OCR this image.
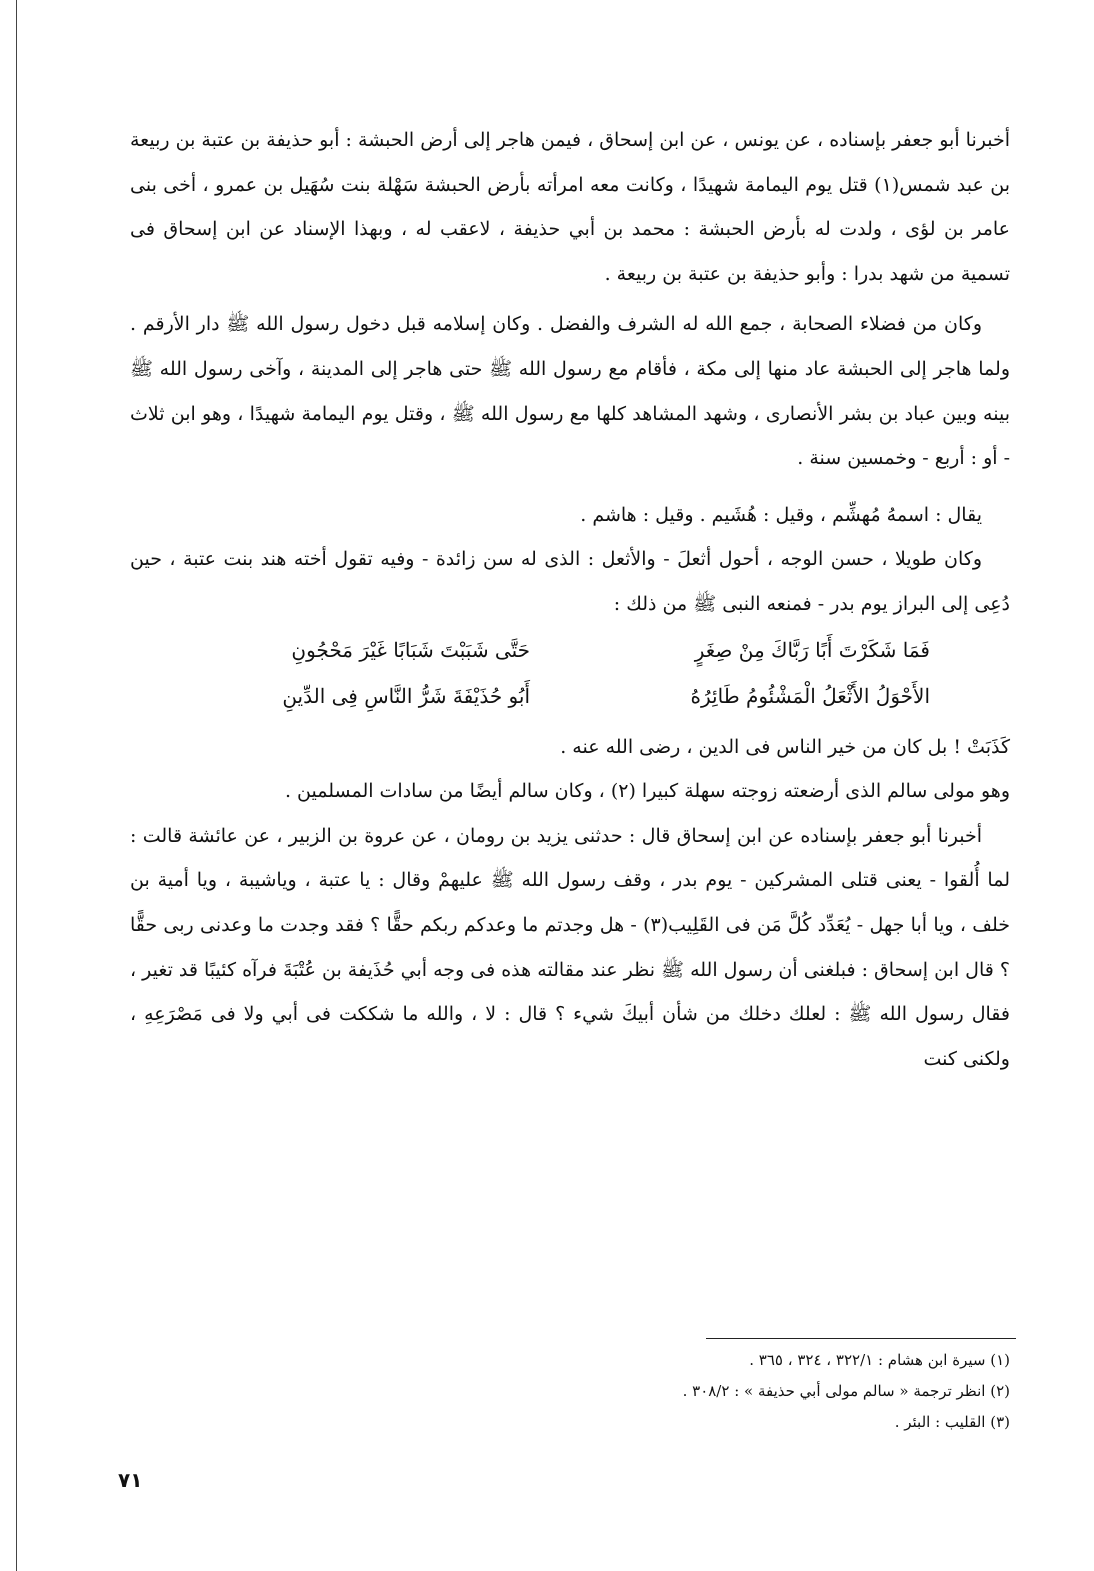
أخبرنا أبو جعفر بإسناده ، عن يونس ، عن ابن إسحاق ، فيمن هاجر إلى أرض الحبشة : أبو حذيفة بن عتبة بن ربيعة بن عبد شمس(١) قتل يوم اليمامة شهيدًا ، وكانت معه امرأته بأرض الحبشة سَهْلة بنت سُهَيل بن عمرو ، أخى بنى عامر بن لؤى ، ولدت له بأرض الحبشة : محمد بن أبي حذيفة ، لاعقب له ، وبهذا الإسناد عن ابن إسحاق فى تسمية من شهد بدرا : وأبو حذيفة بن عتبة بن ربيعة .

وكان من فضلاء الصحابة ، جمع الله له الشرف والفضل . وكان إسلامه قبل دخول رسول الله ﷺ دار الأرقم . ولما هاجر إلى الحبشة عاد منها إلى مكة ، فأقام مع رسول الله ﷺ حتى هاجر إلى المدينة ، وآخى رسول الله ﷺ بينه وبين عباد بن بشر الأنصارى ، وشهد المشاهد كلها مع رسول الله ﷺ ، وقتل يوم اليمامة شهيدًا ، وهو ابن ثلاث - أو : أربع - وخمسين سنة .

يقال : اسمهُ مُهشِّم ، وقيل : هُشَيم . وقيل : هاشم .

وكان طويلا ، حسن الوجه ، أحول أثعلَ - والأثعل : الذى له سن زائدة - وفيه تقول أخته هند بنت عتبة ، حين دُعِى إلى البراز يوم بدر - فمنعه النبى ﷺ من ذلك :

فَمَا شَكَرْتَ أَبًا رَبَّاكَ مِنْ صِغَرٍ
حَتَّى شَبَبْتَ شَبَابًا غَيْرَ مَحْجُونِ
الأَحْوَلُ الأَثْعَلُ الْمَشْئُومُ طَائِرُهُ
أَبُو حُذَيْفَةَ شَرُّ النَّاسِ فِى الدِّينِ

كَذَبَتْ ! بل كان من خير الناس فى الدين ، رضى الله عنه .

وهو مولى سالم الذى أرضعته زوجته سهلة كبيرا (٢) ، وكان سالم أيضًا من سادات المسلمين .

أخبرنا أبو جعفر بإسناده عن ابن إسحاق قال : حدثنى يزيد بن رومان ، عن عروة بن الزبير ، عن عائشة قالت : لما أُلقوا - يعنى قتلى المشركين - يوم بدر ، وقف رسول الله ﷺ عليهمْ وقال : يا عتبة ، وياشيبة ، ويا أمية بن خلف ، ويا أبا جهل - يُعَدِّد كُلَّ مَن فى القَلِيب(٣) - هل وجدتم ما وعدكم ربكم حقًّا ؟ فقد وجدت ما وعدنى ربى حقًّا ؟ قال ابن إسحاق : فبلغنى أن رسول الله ﷺ نظر عند مقالته هذه فى وجه أبي حُذَيفة بن عُتْبَةَ فرآه كئيبًا قد تغير ، فقال رسول الله ﷺ : لعلك دخلك من شأن أبيكَ شيء ؟ قال : لا ، والله ما شككت فى أبي ولا فى مَصْرَعِهِ ، ولكنى كنت

(١) سيرة ابن هشام : ٣٢٢/١ ، ٣٢٤ ، ٣٦٥ .

(٢) انظر ترجمة « سالم مولى أبي حذيفة » : ٣٠٨/٢ .

(٣) القليب : البئر .

٧١
